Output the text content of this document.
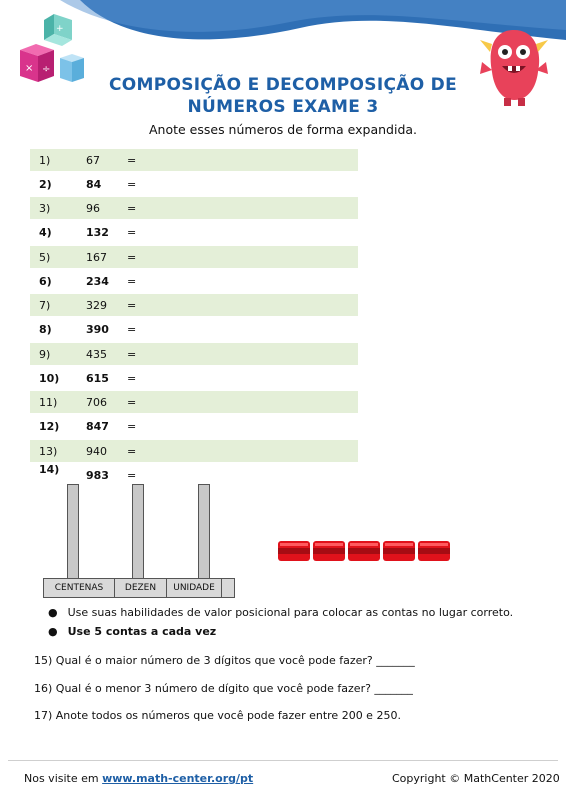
+
× ÷
COMPOSIÇÃO E DECOMPOSIÇÃO DE
NÚMEROS EXAME 3
Anote esses números de forma expandida.
1)	67 =
2)	84 =
3)	96 =
4)	132 =
5)	167 =
6)	234 =
7)	329 =
8)	390 =
9)	435 =
10) 615 =
11)	706 =
12) 847 =
13)	940 =
14) 983 =
CENTENAS	DEZEN	UNIDADE
● Use suas habilidades de valor posicional para colocar as contas no lugar correto.
● Use 5 contas a cada vez
15) Qual é o maior número de 3 dígitos que você pode fazer? _______
16) Qual é o menor 3 número de dígito que você pode fazer? _______
17) Anote todos os números que você pode fazer entre 200 e 250.
Nos visite em www.math-center.org/pt	Copyright © MathCenter 2020
